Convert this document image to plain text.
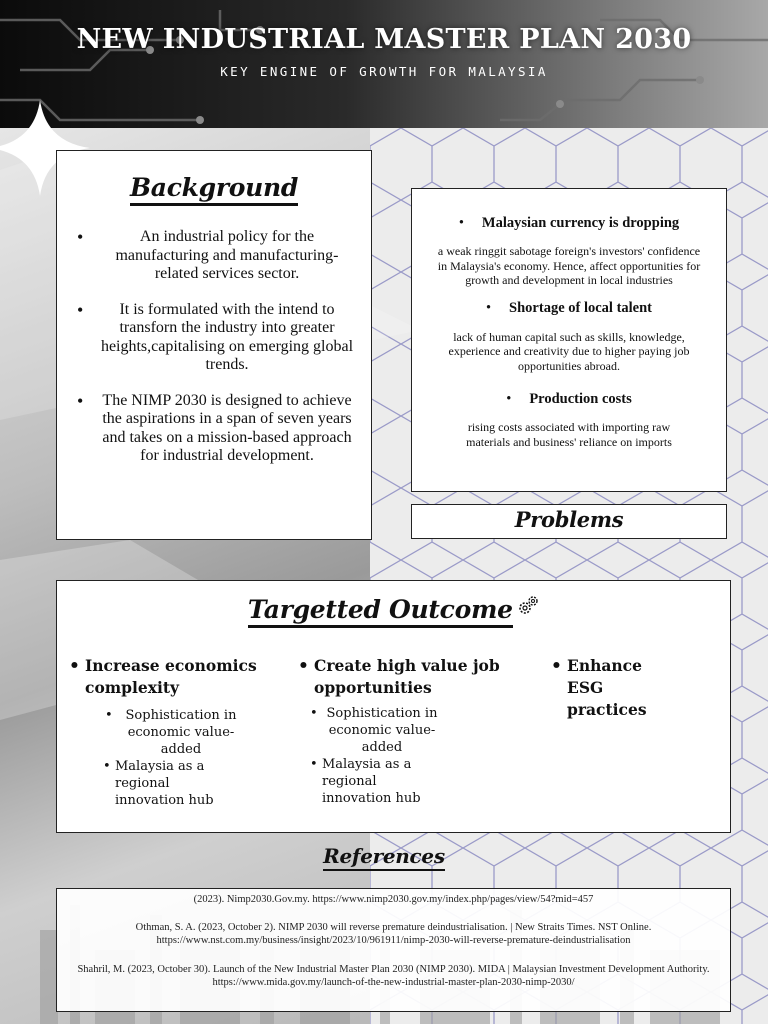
NEW INDUSTRIAL MASTER PLAN 2030
KEY ENGINE OF GROWTH FOR MALAYSIA
Background
• An industrial policy for the manufacturing and manufacturing-related services sector.
• It is formulated with the intend to transforn the industry into greater heights,capitalising on emerging global trends.
• The NIMP 2030 is designed to achieve the aspirations in a span of seven years and takes on a mission-based approach for industrial development.
• Malaysian currency is dropping
a weak ringgit sabotage foreign's investors' confidence in Malaysia's economy. Hence, affect opportunities for growth and development in local industries
• Shortage of local talent
lack of human capital such as skills, knowledge, experience and creativity due to higher paying job opportunities abroad.
• Production costs
rising costs associated with importing raw materials and business' reliance on imports
Problems
Targetted Outcome
• Increase economics complexity
• Sophistication in economic value-added
• Malaysia as a regional innovation hub
• Create high value job opportunities
• Sophistication in economic value-added
• Malaysia as a regional innovation hub
• Enhance ESG practices
References
(2023). Nimp2030.Gov.my. https://www.nimp2030.gov.my/index.php/pages/view/54?mid=457
Othman, S. A. (2023, October 2). NIMP 2030 will reverse premature deindustrialisation. | New Straits Times. NST Online. https://www.nst.com.my/business/insight/2023/10/961911/nimp-2030-will-reverse-premature-deindustrialisation
Shahril, M. (2023, October 30). Launch of the New Industrial Master Plan 2030 (NIMP 2030). MIDA | Malaysian Investment Development Authority. https://www.mida.gov.my/launch-of-the-new-industrial-master-plan-2030-nimp-2030/
